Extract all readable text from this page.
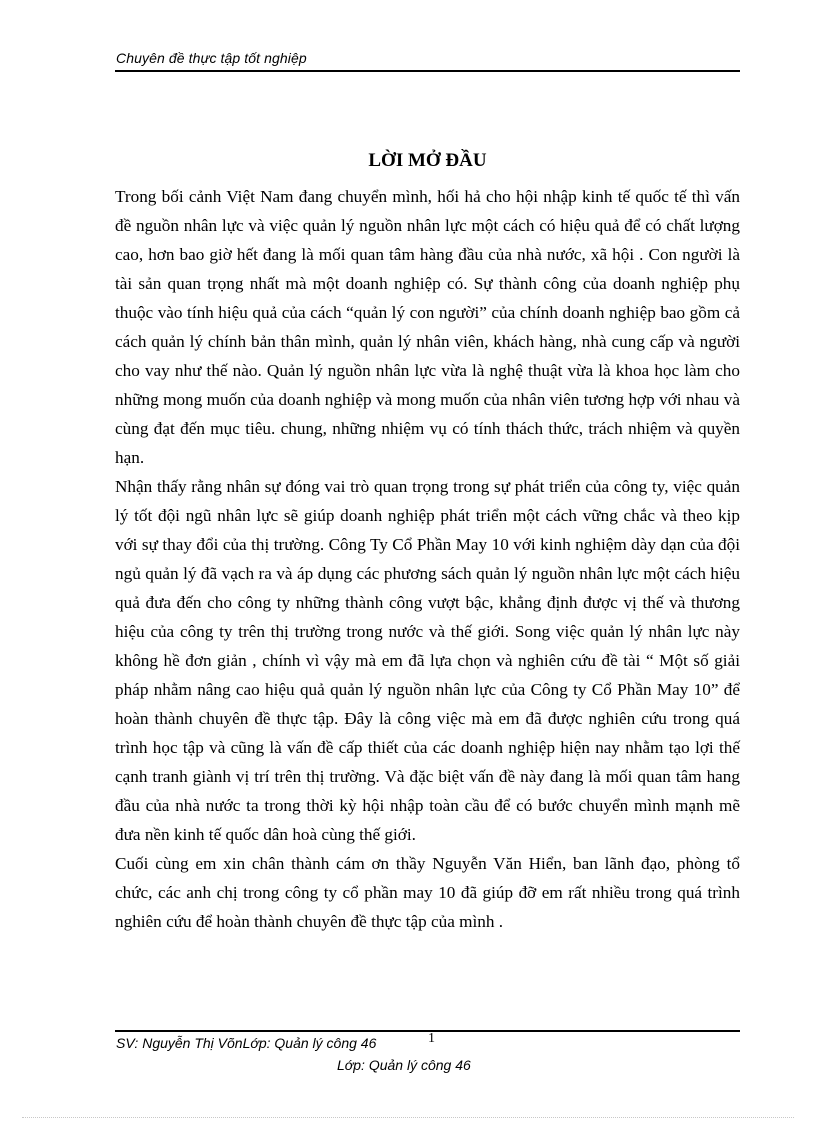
Chuyên đề thực tập tốt nghiệp
LỜI MỞ ĐẦU

Trong bối cảnh Việt Nam đang chuyển mình, hối hả cho hội nhập kinh tế quốc tế thì vấn đề nguồn nhân lực và việc quản lý nguồn nhân lực một cách có hiệu quả để có chất lượng cao, hơn bao giờ hết đang là mối quan tâm hàng đầu của nhà nước, xã hội . Con người là tài sản quan trọng nhất mà một doanh nghiệp có. Sự thành công của doanh nghiệp phụ thuộc vào tính hiệu quả của cách “quản lý con người” của chính doanh nghiệp bao gồm cả cách quản lý chính bản thân mình, quản lý nhân viên, khách hàng, nhà cung cấp và người cho vay như thế nào. Quản lý nguồn nhân lực vừa là nghệ thuật vừa là khoa học làm cho những mong muốn của doanh nghiệp và mong muốn của nhân viên tương hợp với nhau và cùng đạt đến mục tiêu. chung, những nhiệm vụ có tính thách thức, trách nhiệm và quyền hạn.

Nhận thấy rằng nhân sự đóng vai trò quan trọng trong sự phát triển của công ty, việc quản lý tốt đội ngũ nhân lực sẽ giúp doanh nghiệp phát triển một cách vững chắc và theo kịp với sự thay đổi của thị trường. Công Ty Cổ Phần May 10 với kinh nghiệm dày dạn của đội ngủ quản lý đã vạch ra và áp dụng các phương sách quản lý nguồn nhân lực một cách hiệu quả đưa đến cho công ty những thành công vượt bậc, khẳng định được vị thế và thương hiệu của công ty trên thị trường trong nước và thế giới. Song việc quản lý nhân lực này không hề đơn giản , chính vì vậy mà em đã lựa chọn và nghiên cứu đề tài “ Một số giải pháp nhằm nâng cao hiệu quả quản lý nguồn nhân lực của Công ty Cổ Phần May 10” để hoàn thành chuyên đề thực tập. Đây là công việc mà em đã được nghiên cứu trong quá trình học tập và cũng là vấn đề cấp thiết của các doanh nghiệp hiện nay nhằm tạo lợi thế cạnh tranh giành vị trí trên thị trường. Và đặc biệt vấn đề này đang là mối quan tâm hang đầu của nhà nước ta trong thời kỳ hội nhập toàn cầu để có bước chuyển mình mạnh mẽ đưa nền kinh tế quốc dân hoà cùng thế giới.

Cuối cùng em xin chân thành cám ơn thầy Nguyễn Văn Hiển, ban lãnh đạo, phòng tổ chức, các anh chị trong công ty cổ phần may 10 đã giúp đỡ em rất nhiều trong quá trình nghiên cứu để hoàn thành chuyên đề thực tập của mình .

SV: Nguyễn Thị VõnLớp: Quản lý công 46	1
Lớp: Quản lý công 46
